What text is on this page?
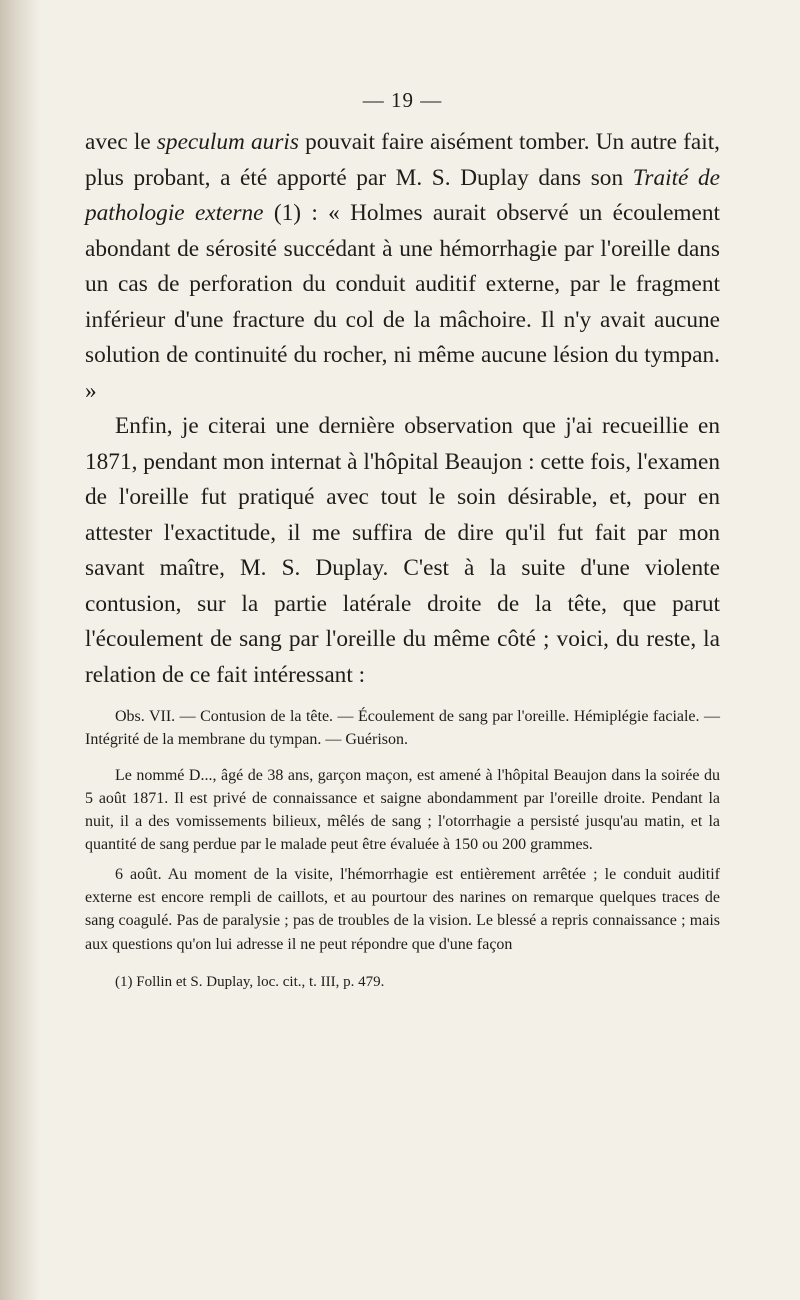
— 19 —

avec le speculum auris pouvait faire aisément tomber. Un autre fait, plus probant, a été apporté par M. S. Duplay dans son Traité de pathologie externe (1) : « Holmes aurait observé un écoulement abondant de sérosité succédant à une hémorrhagie par l'oreille dans un cas de perforation du conduit auditif externe, par le fragment inférieur d'une fracture du col de la mâchoire. Il n'y avait aucune solution de continuité du rocher, ni même aucune lésion du tympan. »

Enfin, je citerai une dernière observation que j'ai recueillie en 1871, pendant mon internat à l'hôpital Beaujon : cette fois, l'examen de l'oreille fut pratiqué avec tout le soin désirable, et, pour en attester l'exactitude, il me suffira de dire qu'il fut fait par mon savant maître, M. S. Duplay. C'est à la suite d'une violente contusion, sur la partie latérale droite de la tête, que parut l'écoulement de sang par l'oreille du même côté ; voici, du reste, la relation de ce fait intéressant :

Obs. VII. — Contusion de la tête. — Écoulement de sang par l'oreille. Hémiplégie faciale. — Intégrité de la membrane du tympan. — Guérison.

Le nommé D..., âgé de 38 ans, garçon maçon, est amené à l'hôpital Beaujon dans la soirée du 5 août 1871. Il est privé de connaissance et saigne abondamment par l'oreille droite. Pendant la nuit, il a des vomissements bilieux, mêlés de sang ; l'otorrhagie a persisté jusqu'au matin, et la quantité de sang perdue par le malade peut être évaluée à 150 ou 200 grammes.

6 août. Au moment de la visite, l'hémorrhagie est entièrement arrêtée ; le conduit auditif externe est encore rempli de caillots, et au pourtour des narines on remarque quelques traces de sang coagulé. Pas de paralysie ; pas de troubles de la vision. Le blessé a repris connaissance ; mais aux questions qu'on lui adresse il ne peut répondre que d'une façon

(1) Follin et S. Duplay, loc. cit., t. III, p. 479.
